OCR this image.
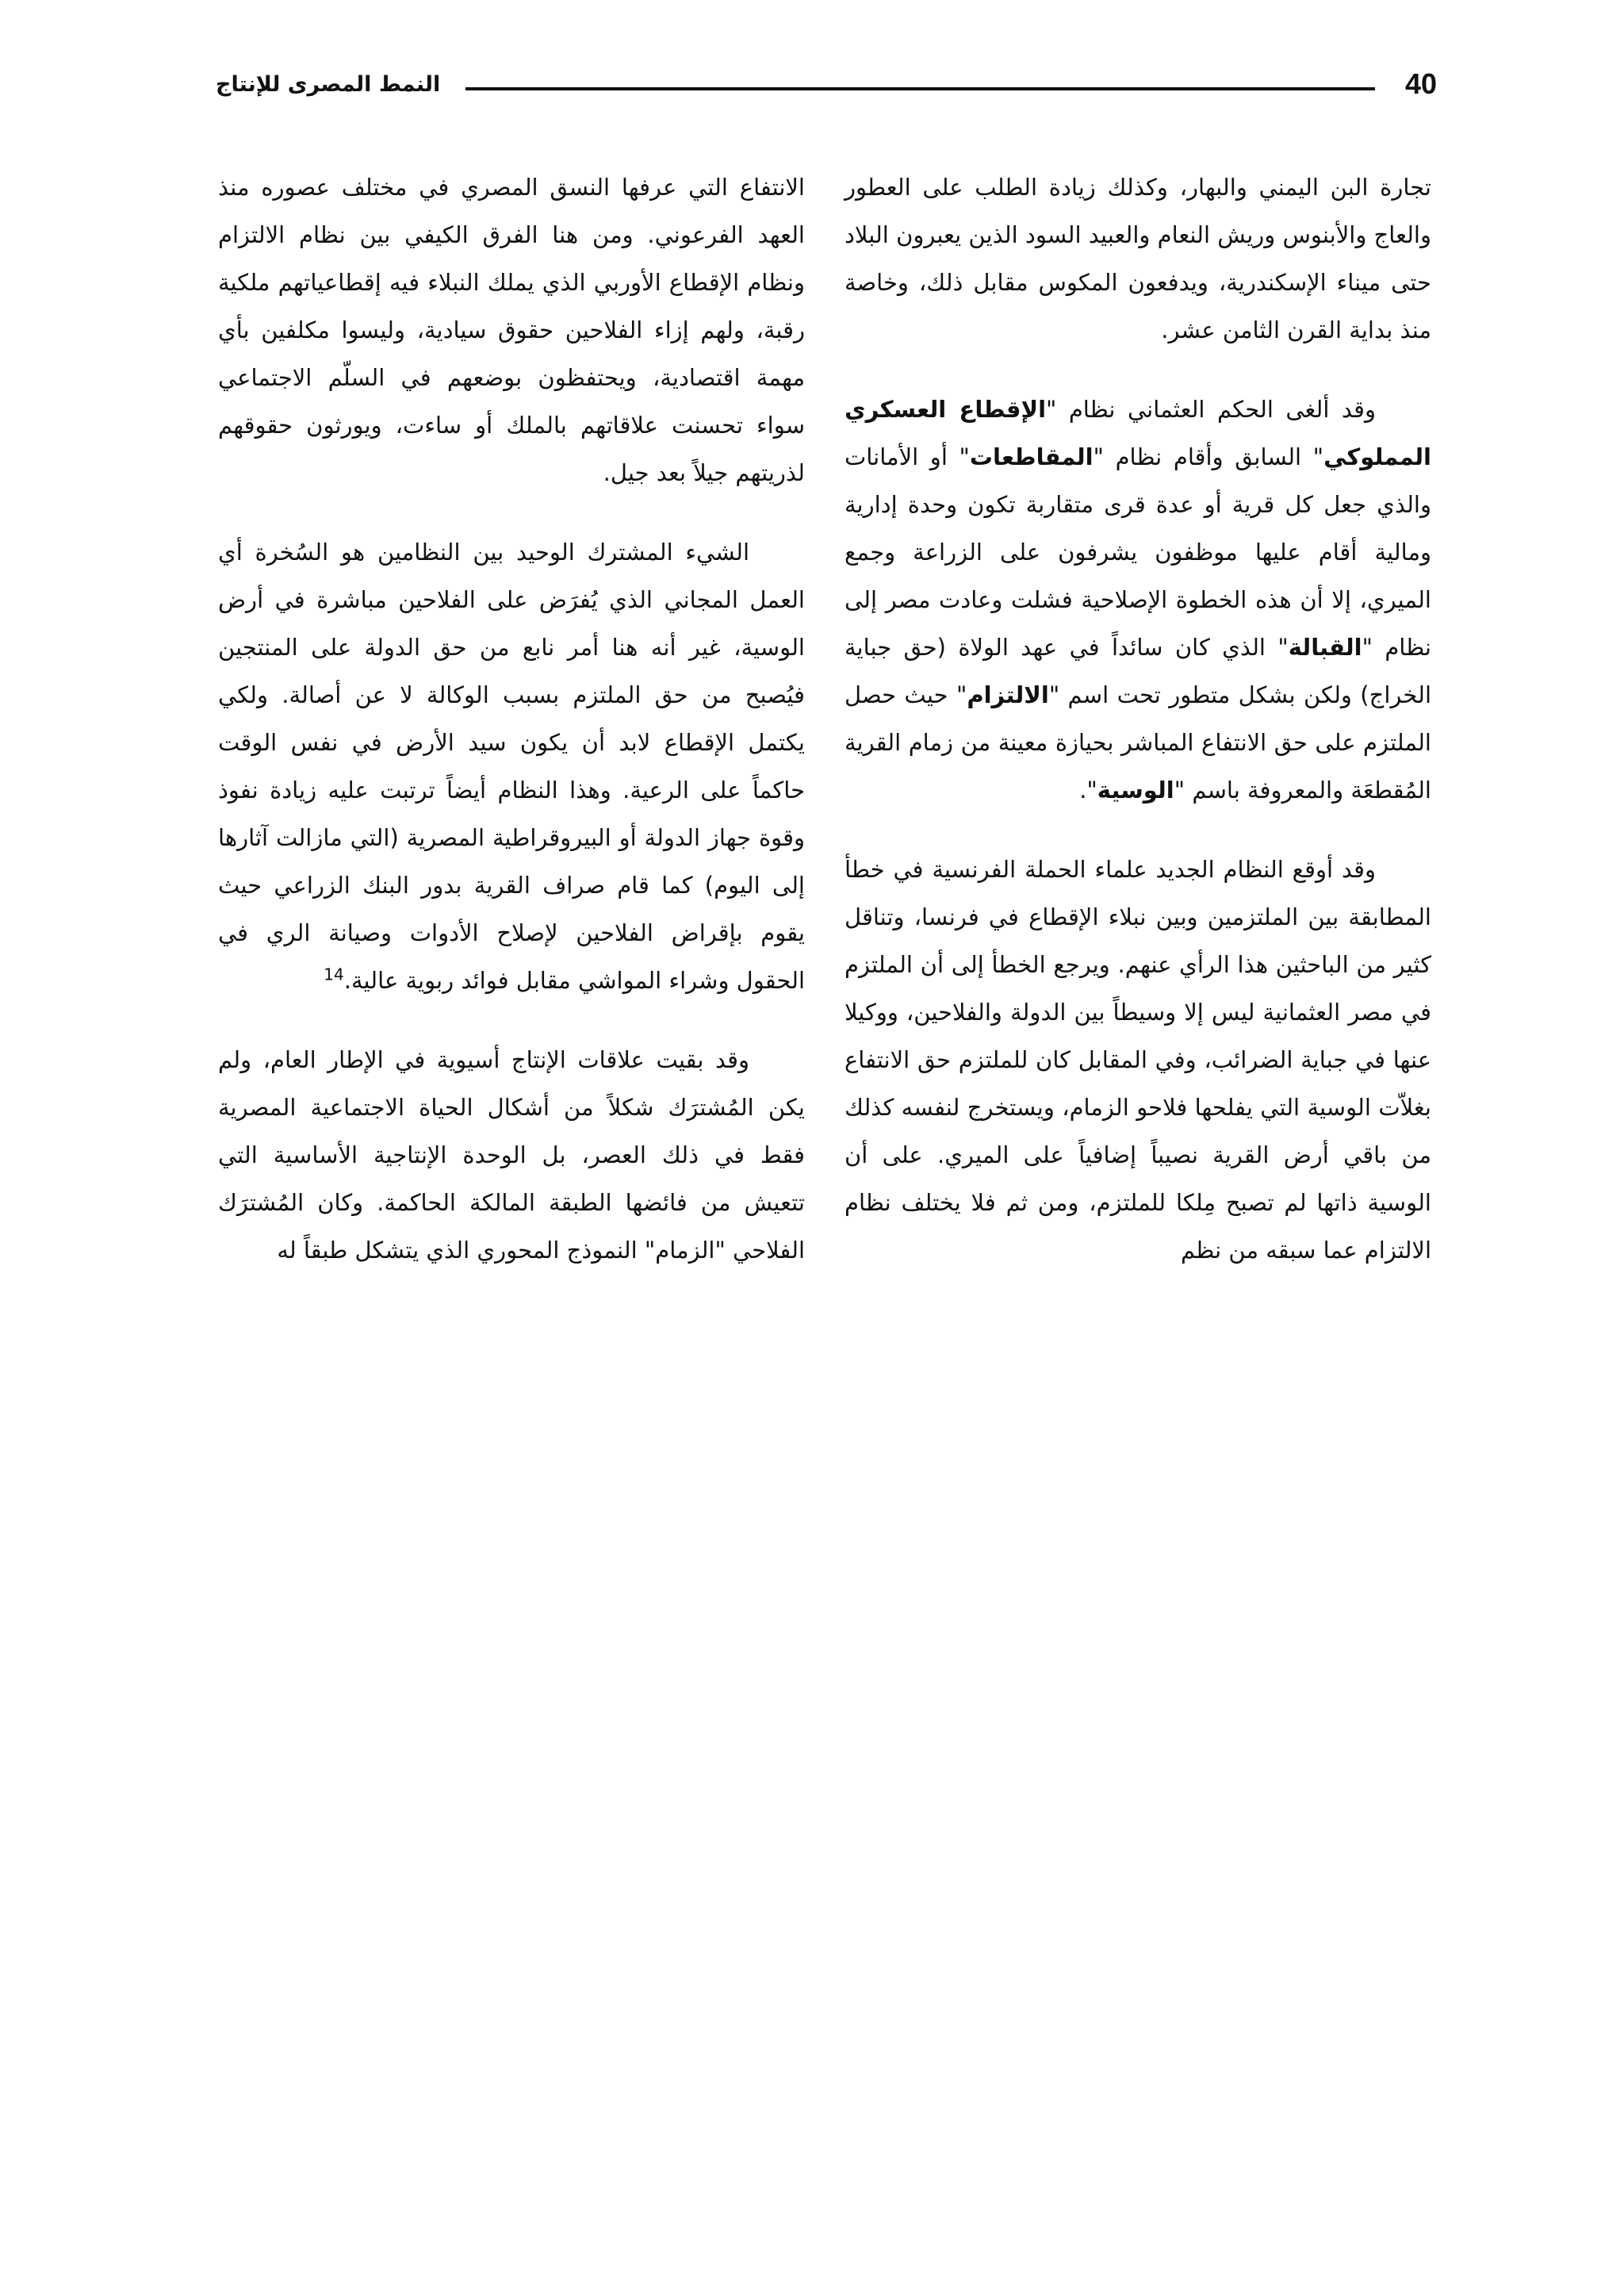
40
النمط المصرى للإنتاج

تجارة البن اليمني والبهار، وكذلك زيادة الطلب على العطور والعاج والأبنوس وريش النعام والعبيد السود الذين يعبرون البلاد حتى ميناء الإسكندرية، ويدفعون المكوس مقابل ذلك، وخاصة منذ بداية القرن الثامن عشر.

وقد ألغى الحكم العثماني نظام "الإقطاع العسكري المملوكي" السابق وأقام نظام "المقاطعات" أو الأمانات والذي جعل كل قرية أو عدة قرى متقاربة تكون وحدة إدارية ومالية أقام عليها موظفون يشرفون على الزراعة وجمع الميري، إلا أن هذه الخطوة الإصلاحية فشلت وعادت مصر إلى نظام "القبالة" الذي كان سائداً في عهد الولاة (حق جباية الخراج) ولكن بشكل متطور تحت اسم "الالتزام" حيث حصل الملتزم على حق الانتفاع المباشر بحيازة معينة من زمام القرية المُقطعَة والمعروفة باسم "الوسية".

وقد أوقع النظام الجديد علماء الحملة الفرنسية في خطأ المطابقة بين الملتزمين وبين نبلاء الإقطاع في فرنسا، وتناقل كثير من الباحثين هذا الرأي عنهم. ويرجع الخطأ إلى أن الملتزم في مصر العثمانية ليس إلا وسيطاً بين الدولة والفلاحين، ووكيلا عنها في جباية الضرائب، وفي المقابل كان للملتزم حق الانتفاع بغلاّت الوسية التي يفلحها فلاحو الزمام، ويستخرج لنفسه كذلك من باقي أرض القرية نصيباً إضافياً على الميري. على أن الوسية ذاتها لم تصبح مِلكا للملتزم، ومن ثم فلا يختلف نظام الالتزام عما سبقه من نظم

الانتفاع التي عرفها النسق المصري في مختلف عصوره منذ العهد الفرعوني. ومن هنا الفرق الكيفي بين نظام الالتزام ونظام الإقطاع الأوربي الذي يملك النبلاء فيه إقطاعياتهم ملكية رقبة، ولهم إزاء الفلاحين حقوق سيادية، وليسوا مكلفين بأي مهمة اقتصادية، ويحتفظون بوضعهم في السلّم الاجتماعي سواء تحسنت علاقاتهم بالملك أو ساءت، ويورثون حقوقهم لذريتهم جيلاً بعد جيل.

الشيء المشترك الوحيد بين النظامين هو السُخرة أي العمل المجاني الذي يُفرَض على الفلاحين مباشرة في أرض الوسية، غير أنه هنا أمر نابع من حق الدولة على المنتجين فيُصبح من حق الملتزم بسبب الوكالة لا عن أصالة. ولكي يكتمل الإقطاع لابد أن يكون سيد الأرض في نفس الوقت حاكماً على الرعية. وهذا النظام أيضاً ترتبت عليه زيادة نفوذ وقوة جهاز الدولة أو البيروقراطية المصرية (التي مازالت آثارها إلى اليوم) كما قام صراف القرية بدور البنك الزراعي حيث يقوم بإقراض الفلاحين لإصلاح الأدوات وصيانة الري في الحقول وشراء المواشي مقابل فوائد ربوية عالية.$^{14}$

وقد بقيت علاقات الإنتاج أسيوية في الإطار العام، ولم يكن المُشترَك شكلاً من أشكال الحياة الاجتماعية المصرية فقط في ذلك العصر، بل الوحدة الإنتاجية الأساسية التي تتعيش من فائضها الطبقة المالكة الحاكمة. وكان المُشترَك الفلاحي "الزمام" النموذج المحوري الذي يتشكل طبقاً له
